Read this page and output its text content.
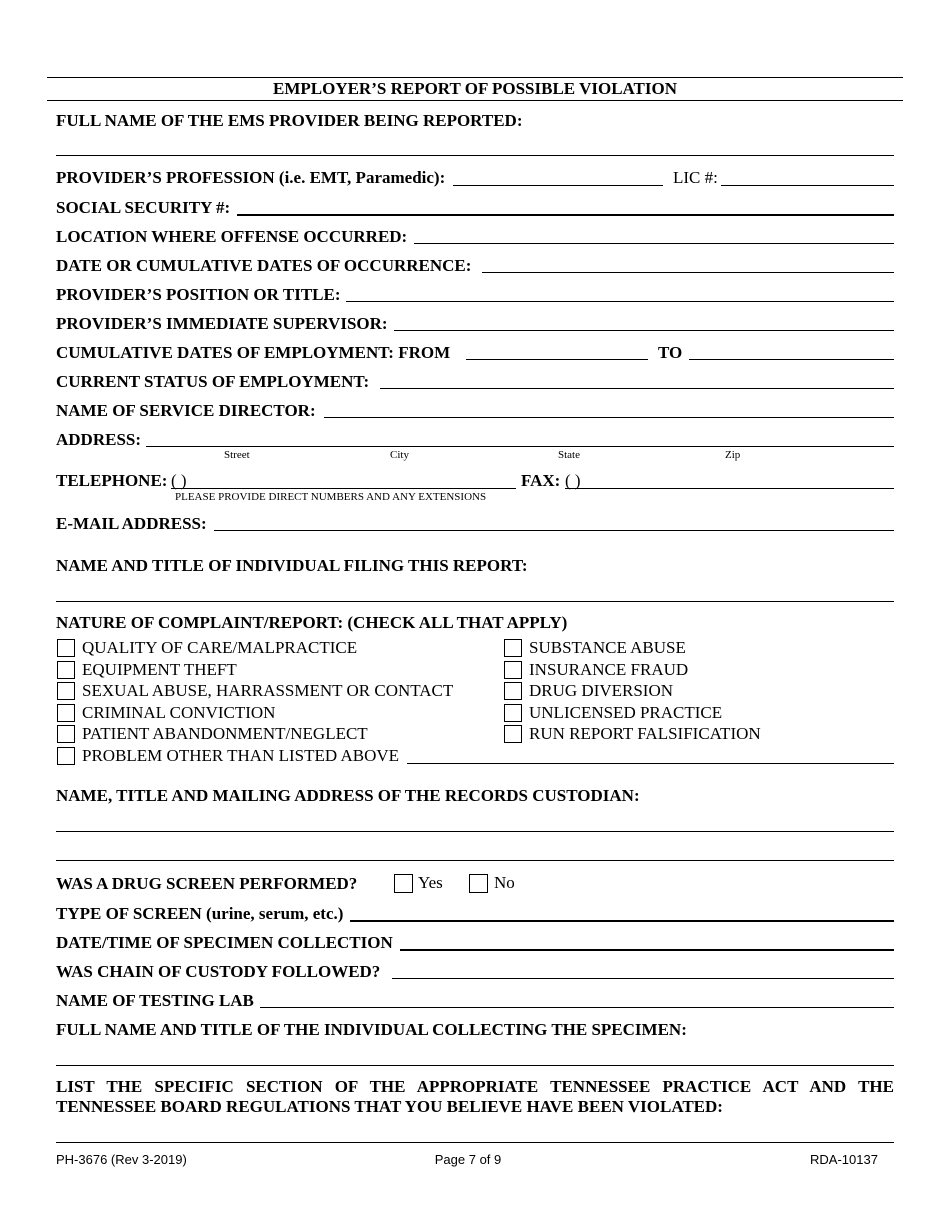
EMPLOYER’S REPORT OF POSSIBLE VIOLATION
FULL NAME OF THE EMS PROVIDER BEING REPORTED:
PROVIDER’S PROFESSION (i.e. EMT, Paramedic):	LIC #:
SOCIAL SECURITY #:
LOCATION WHERE OFFENSE OCCURRED:
DATE OR CUMULATIVE DATES OF OCCURRENCE:
PROVIDER’S POSITION OR TITLE:
PROVIDER’S IMMEDIATE SUPERVISOR:
CUMULATIVE DATES OF EMPLOYMENT: FROM	TO
CURRENT STATUS OF EMPLOYMENT:
NAME OF SERVICE DIRECTOR:
ADDRESS:
Street	City	State	Zip
TELEPHONE: ( )
PLEASE PROVIDE DIRECT NUMBERS AND ANY EXTENSIONS
FAX: ( )
E-MAIL ADDRESS:
NAME AND TITLE OF INDIVIDUAL FILING THIS REPORT:
NATURE OF COMPLAINT/REPORT: (CHECK ALL THAT APPLY)
QUALITY OF CARE/MALPRACTICE
EQUIPMENT THEFT
SEXUAL ABUSE, HARRASSMENT OR CONTACT
CRIMINAL CONVICTION
PATIENT ABANDONMENT/NEGLECT
SUBSTANCE ABUSE
INSURANCE FRAUD
DRUG DIVERSION
UNLICENSED PRACTICE
RUN REPORT FALSIFICATION
PROBLEM OTHER THAN LISTED ABOVE
NAME, TITLE AND MAILING ADDRESS OF THE RECORDS CUSTODIAN:
WAS A DRUG SCREEN PERFORMED?	Yes	No
TYPE OF SCREEN (urine, serum, etc.)
DATE/TIME OF SPECIMEN COLLECTION
WAS CHAIN OF CUSTODY FOLLOWED?
NAME OF TESTING LAB
FULL NAME AND TITLE OF THE INDIVIDUAL COLLECTING THE SPECIMEN:
LIST THE SPECIFIC SECTION OF THE APPROPRIATE TENNESSEE PRACTICE ACT AND THE TENNESSEE BOARD REGULATIONS THAT YOU BELIEVE HAVE BEEN VIOLATED:
PH-3676 (Rev 3-2019)	Page 7 of 9	RDA-10137
